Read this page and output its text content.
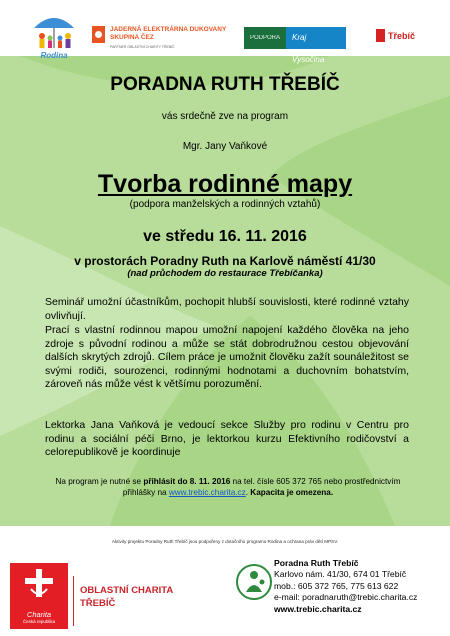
Rodina
JADERNÁ ELEKTRÁRNA DUKOVANY
SKUPINA ČEZ
PARTNER OBLASTNÍ CHARITY TŘEBÍČ
PODPORA	Kraj Vysočina
Třebíč
PORADNA RUTH TŘEBÍČ
vás srdečně zve na program
Mgr. Jany Vaňkové
Tvorba rodinné mapy
(podpora manželských a rodinných vztahů)
ve středu 16. 11. 2016
v prostorách Poradny Ruth na Karlově náměstí 41/30
(nad průchodem do restaurace Třebíčanka)
Seminář umožní účastníkům, pochopit hlubší souvislosti, které rodinné vztahy ovlivňují.
Prací s vlastní rodinnou mapou umožní napojení každého člověka na jeho zdroje s původní rodinou a může se stát dobrodružnou cestou objevování dalších skrytých zdrojů. Cílem práce je umožnit člověku zažít sounáležitost se svými rodiči, sourozenci, rodinnými hodnotami a duchovním bohatstvím, zároveň nás může vést k většímu porozumění.
Lektorka Jana Vaňková je vedoucí sekce Služby pro rodinu v Centru pro rodinu a sociální péči Brno, je lektorkou kurzu Efektivního rodičovství a celorepublikově je koordinuje
Na program je nutné se přihlásit do 8. 11. 2016 na tel. čísle 605 372 765 nebo prostřednictvím přihlášky na www.trebic.charita.cz. Kapacita je omezena.
Aktivity projektu Poradny Ruth Třebíč jsou podpořeny z dotačního programu Rodina a ochrana práv dětí MPSV.
Charita
Česká republika
OBLASTNÍ CHARITA
TŘEBÍČ
Poradna Ruth Třebíč
Karlovo nám. 41/30, 674 01 Třebíč
mob.: 605 372 765, 775 613 622
e-mail: poradnaruth@trebic.charita.cz
www.trebic.charita.cz
